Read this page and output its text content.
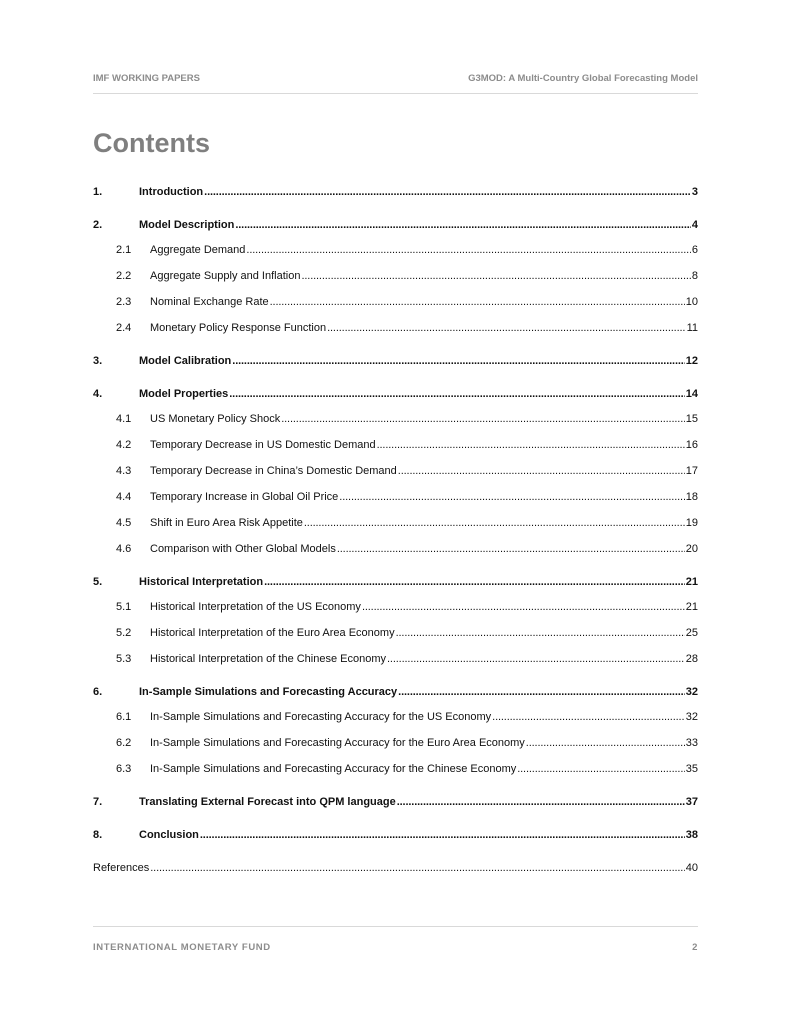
IMF WORKING PAPERS	G3MOD: A Multi-Country Global Forecasting Model
Contents
1.	Introduction . . .	3
2.	Model Description . . .	4
2.1	Aggregate Demand . . .	6
2.2	Aggregate Supply and Inflation . . .	8
2.3	Nominal Exchange Rate . . .	10
2.4	Monetary Policy Response Function . . .	11
3.	Model Calibration . . .	12
4.	Model Properties . . .	14
4.1	US Monetary Policy Shock . . .	15
4.2	Temporary Decrease in US Domestic Demand . . .	16
4.3	Temporary Decrease in China’s Domestic Demand . . .	17
4.4	Temporary Increase in Global Oil Price . . .	18
4.5	Shift in Euro Area Risk Appetite . . .	19
4.6	Comparison with Other Global Models . . .	20
5.	Historical Interpretation . . .	21
5.1	Historical Interpretation of the US Economy . . .	21
5.2	Historical Interpretation of the Euro Area Economy . . .	25
5.3	Historical Interpretation of the Chinese Economy . . .	28
6.	In-Sample Simulations and Forecasting Accuracy . . .	32
6.1	In-Sample Simulations and Forecasting Accuracy for the US Economy . . .	32
6.2	In-Sample Simulations and Forecasting Accuracy for the Euro Area Economy . . .	33
6.3	In-Sample Simulations and Forecasting Accuracy for the Chinese Economy . . .	35
7.	Translating External Forecast into QPM language . . .	37
8.	Conclusion . . .	38
References . . .	40
INTERNATIONAL MONETARY FUND	2
